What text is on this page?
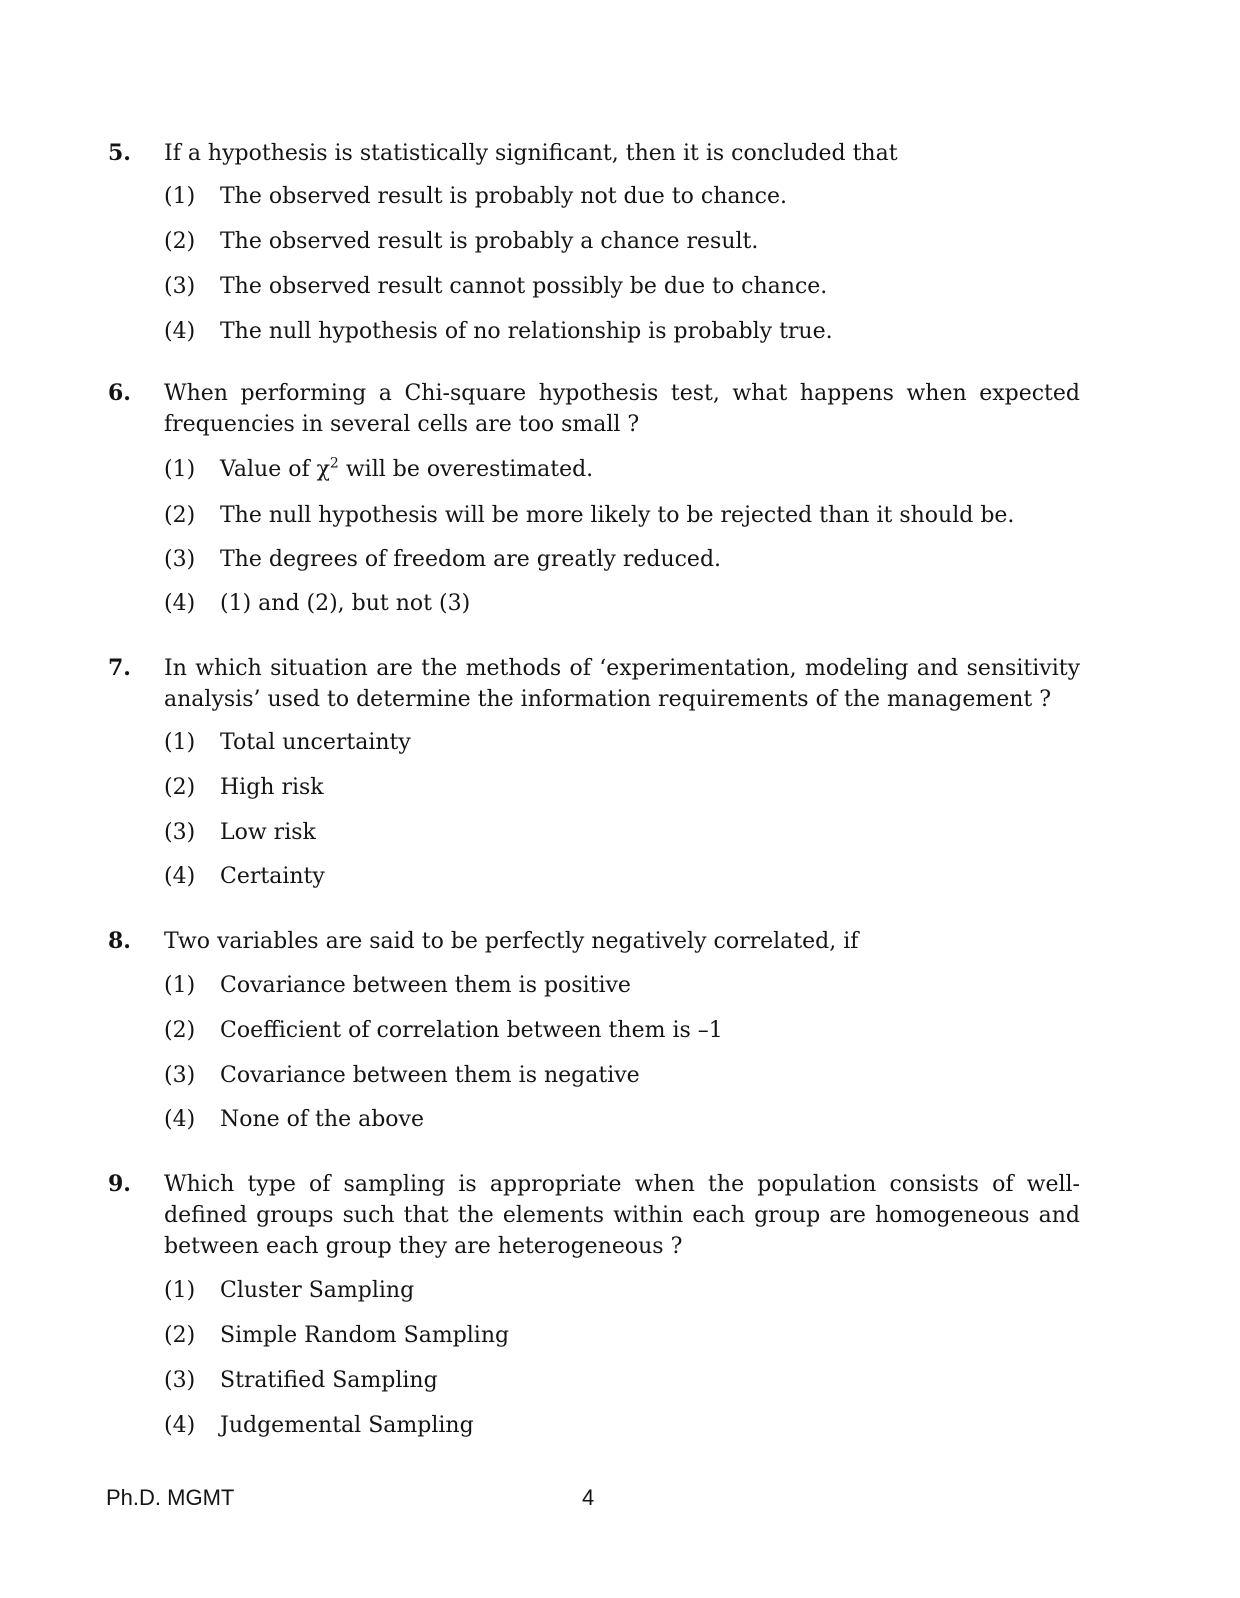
5. If a hypothesis is statistically significant, then it is concluded that
(1) The observed result is probably not due to chance.
(2) The observed result is probably a chance result.
(3) The observed result cannot possibly be due to chance.
(4) The null hypothesis of no relationship is probably true.
6. When performing a Chi-square hypothesis test, what happens when expected frequencies in several cells are too small ?
(1) Value of $\chi^2$ will be overestimated.
(2) The null hypothesis will be more likely to be rejected than it should be.
(3) The degrees of freedom are greatly reduced.
(4) (1) and (2), but not (3)
7. In which situation are the methods of ‘experimentation, modeling and sensitivity analysis’ used to determine the information requirements of the management ?
(1) Total uncertainty
(2) High risk
(3) Low risk
(4) Certainty
8. Two variables are said to be perfectly negatively correlated, if
(1) Covariance between them is positive
(2) Coefficient of correlation between them is –1
(3) Covariance between them is negative
(4) None of the above
9. Which type of sampling is appropriate when the population consists of well-defined groups such that the elements within each group are homogeneous and between each group they are heterogeneous ?
(1) Cluster Sampling
(2) Simple Random Sampling
(3) Stratified Sampling
(4) Judgemental Sampling
Ph.D. MGMT	4
